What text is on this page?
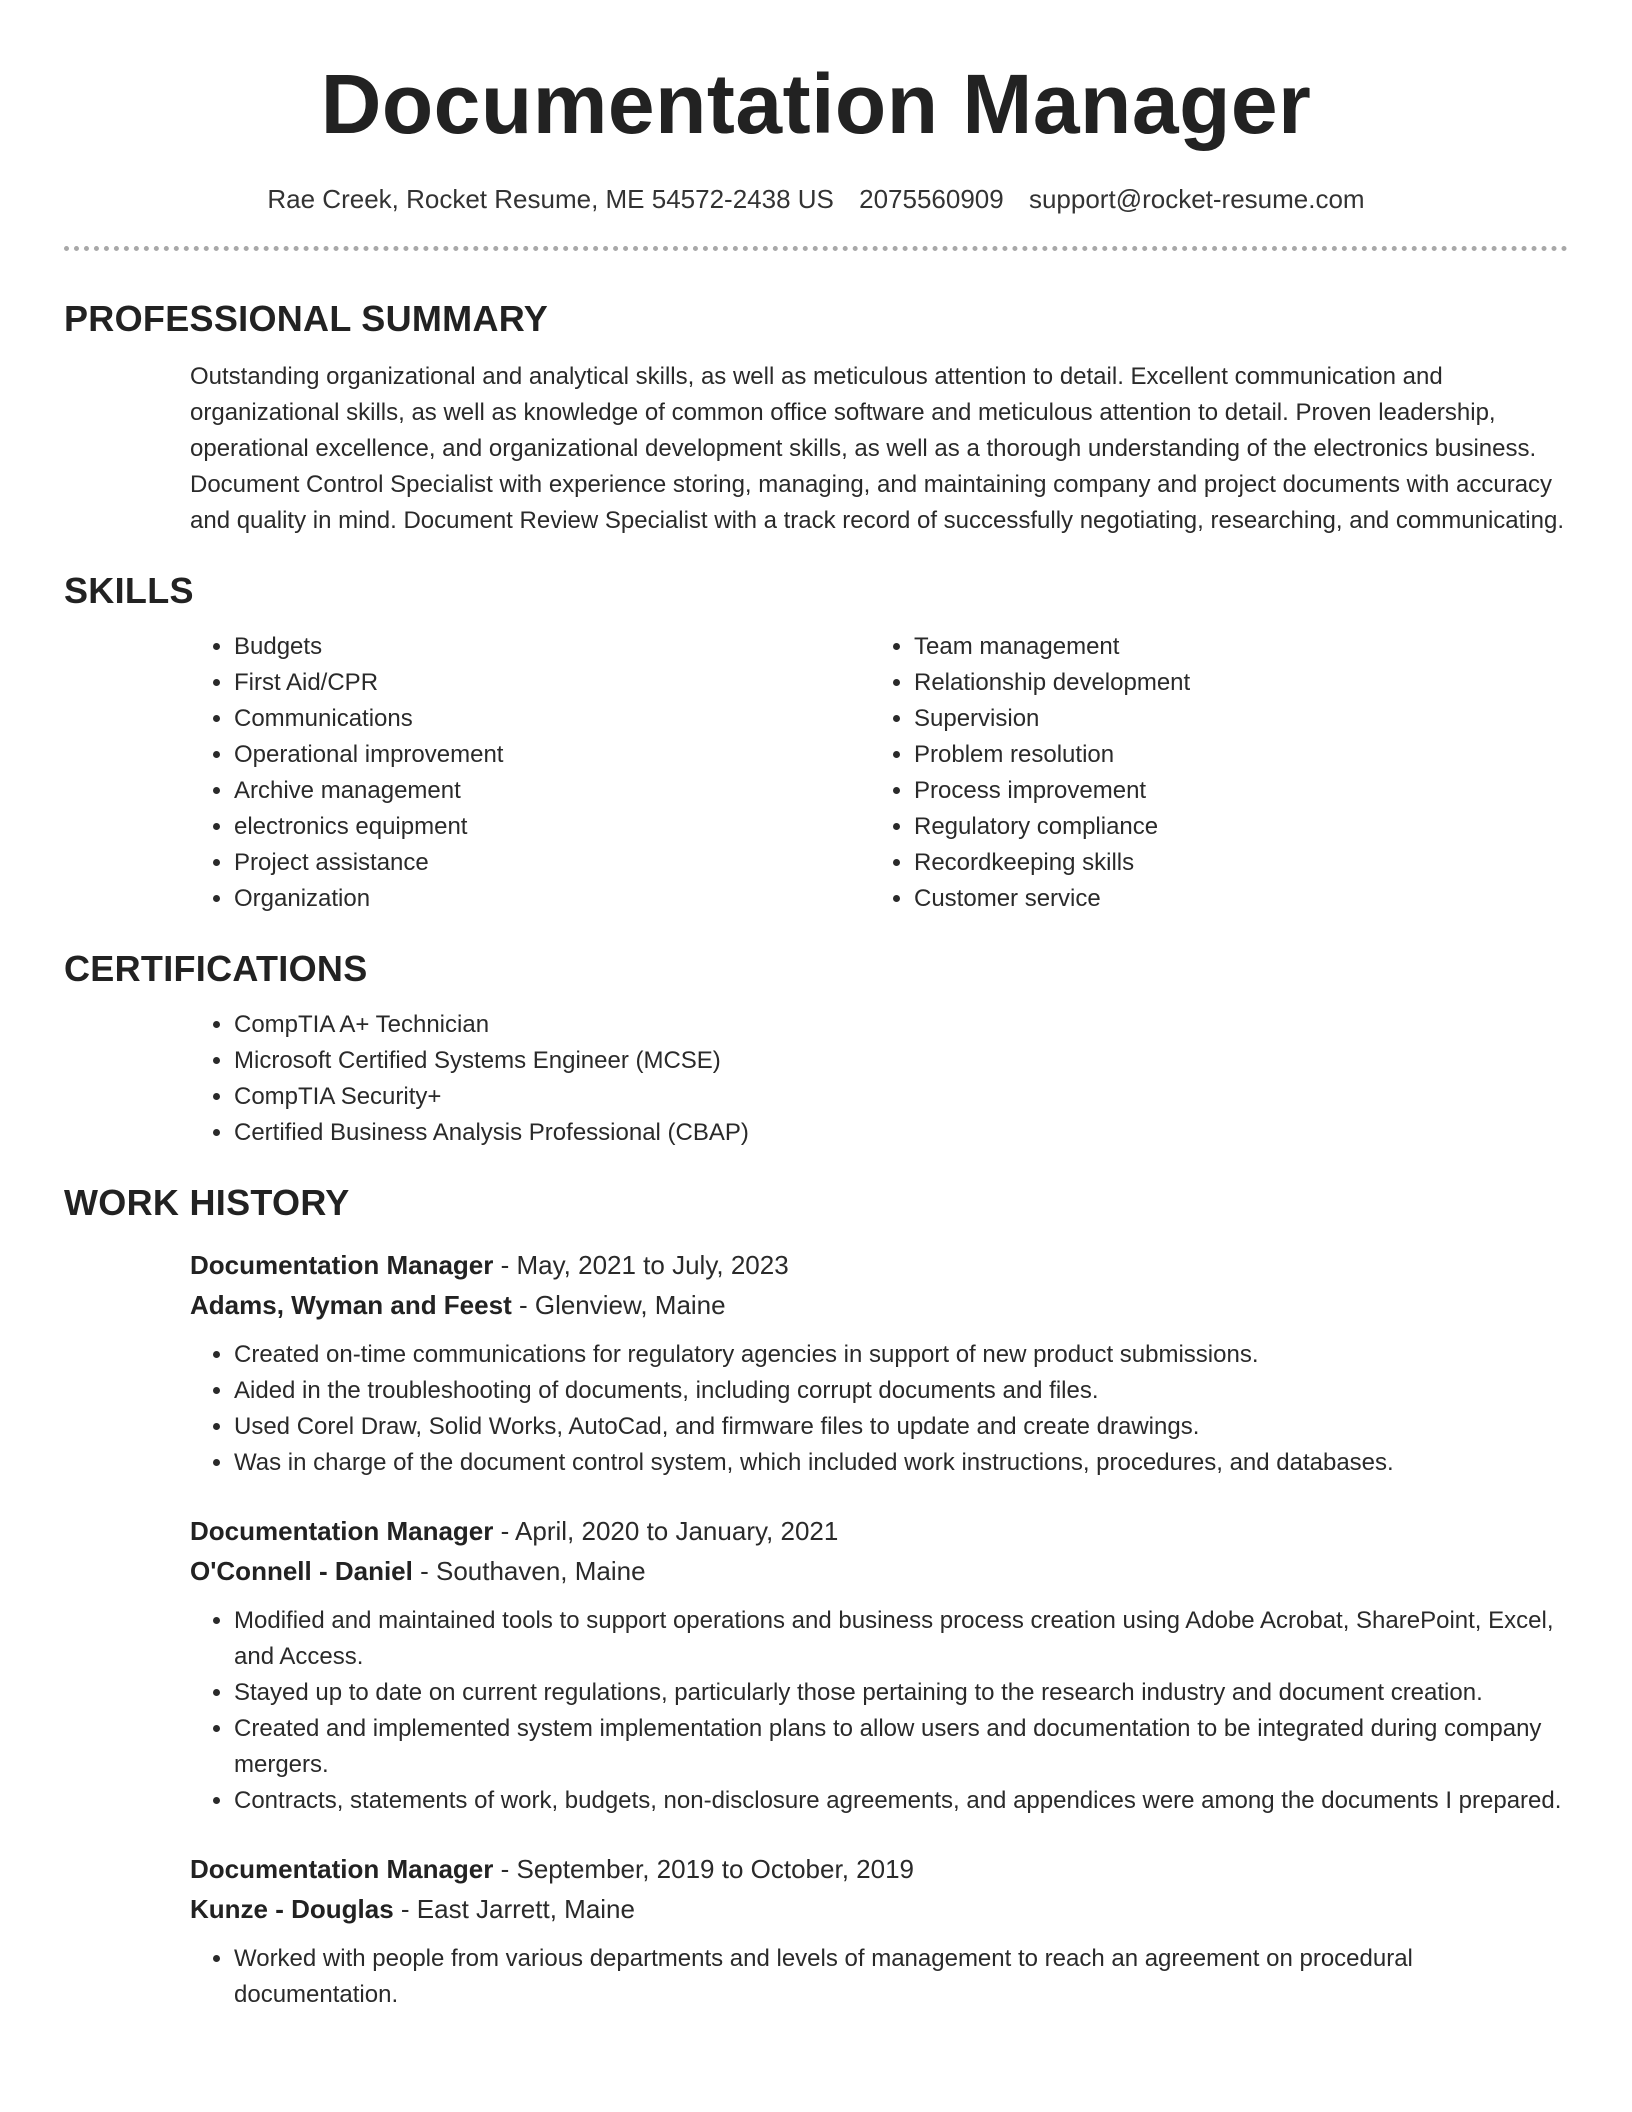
Documentation Manager
Rae Creek, Rocket Resume, ME 54572-2438 US 2075560909 support@rocket-resume.com
PROFESSIONAL SUMMARY
Outstanding organizational and analytical skills, as well as meticulous attention to detail. Excellent communication and organizational skills, as well as knowledge of common office software and meticulous attention to detail. Proven leadership, operational excellence, and organizational development skills, as well as a thorough understanding of the electronics business. Document Control Specialist with experience storing, managing, and maintaining company and project documents with accuracy and quality in mind. Document Review Specialist with a track record of successfully negotiating, researching, and communicating.
SKILLS
• Budgets
• First Aid/CPR
• Communications
• Operational improvement
• Archive management
• electronics equipment
• Project assistance
• Organization
• Team management
• Relationship development
• Supervision
• Problem resolution
• Process improvement
• Regulatory compliance
• Recordkeeping skills
• Customer service
CERTIFICATIONS
• CompTIA A+ Technician
• Microsoft Certified Systems Engineer (MCSE)
• CompTIA Security+
• Certified Business Analysis Professional (CBAP)
WORK HISTORY
Documentation Manager - May, 2021 to July, 2023
Adams, Wyman and Feest - Glenview, Maine
• Created on-time communications for regulatory agencies in support of new product submissions.
• Aided in the troubleshooting of documents, including corrupt documents and files.
• Used Corel Draw, Solid Works, AutoCad, and firmware files to update and create drawings.
• Was in charge of the document control system, which included work instructions, procedures, and databases.
Documentation Manager - April, 2020 to January, 2021
O'Connell - Daniel - Southaven, Maine
• Modified and maintained tools to support operations and business process creation using Adobe Acrobat, SharePoint, Excel, and Access.
• Stayed up to date on current regulations, particularly those pertaining to the research industry and document creation.
• Created and implemented system implementation plans to allow users and documentation to be integrated during company mergers.
• Contracts, statements of work, budgets, non-disclosure agreements, and appendices were among the documents I prepared.
Documentation Manager - September, 2019 to October, 2019
Kunze - Douglas - East Jarrett, Maine
• Worked with people from various departments and levels of management to reach an agreement on procedural documentation.
